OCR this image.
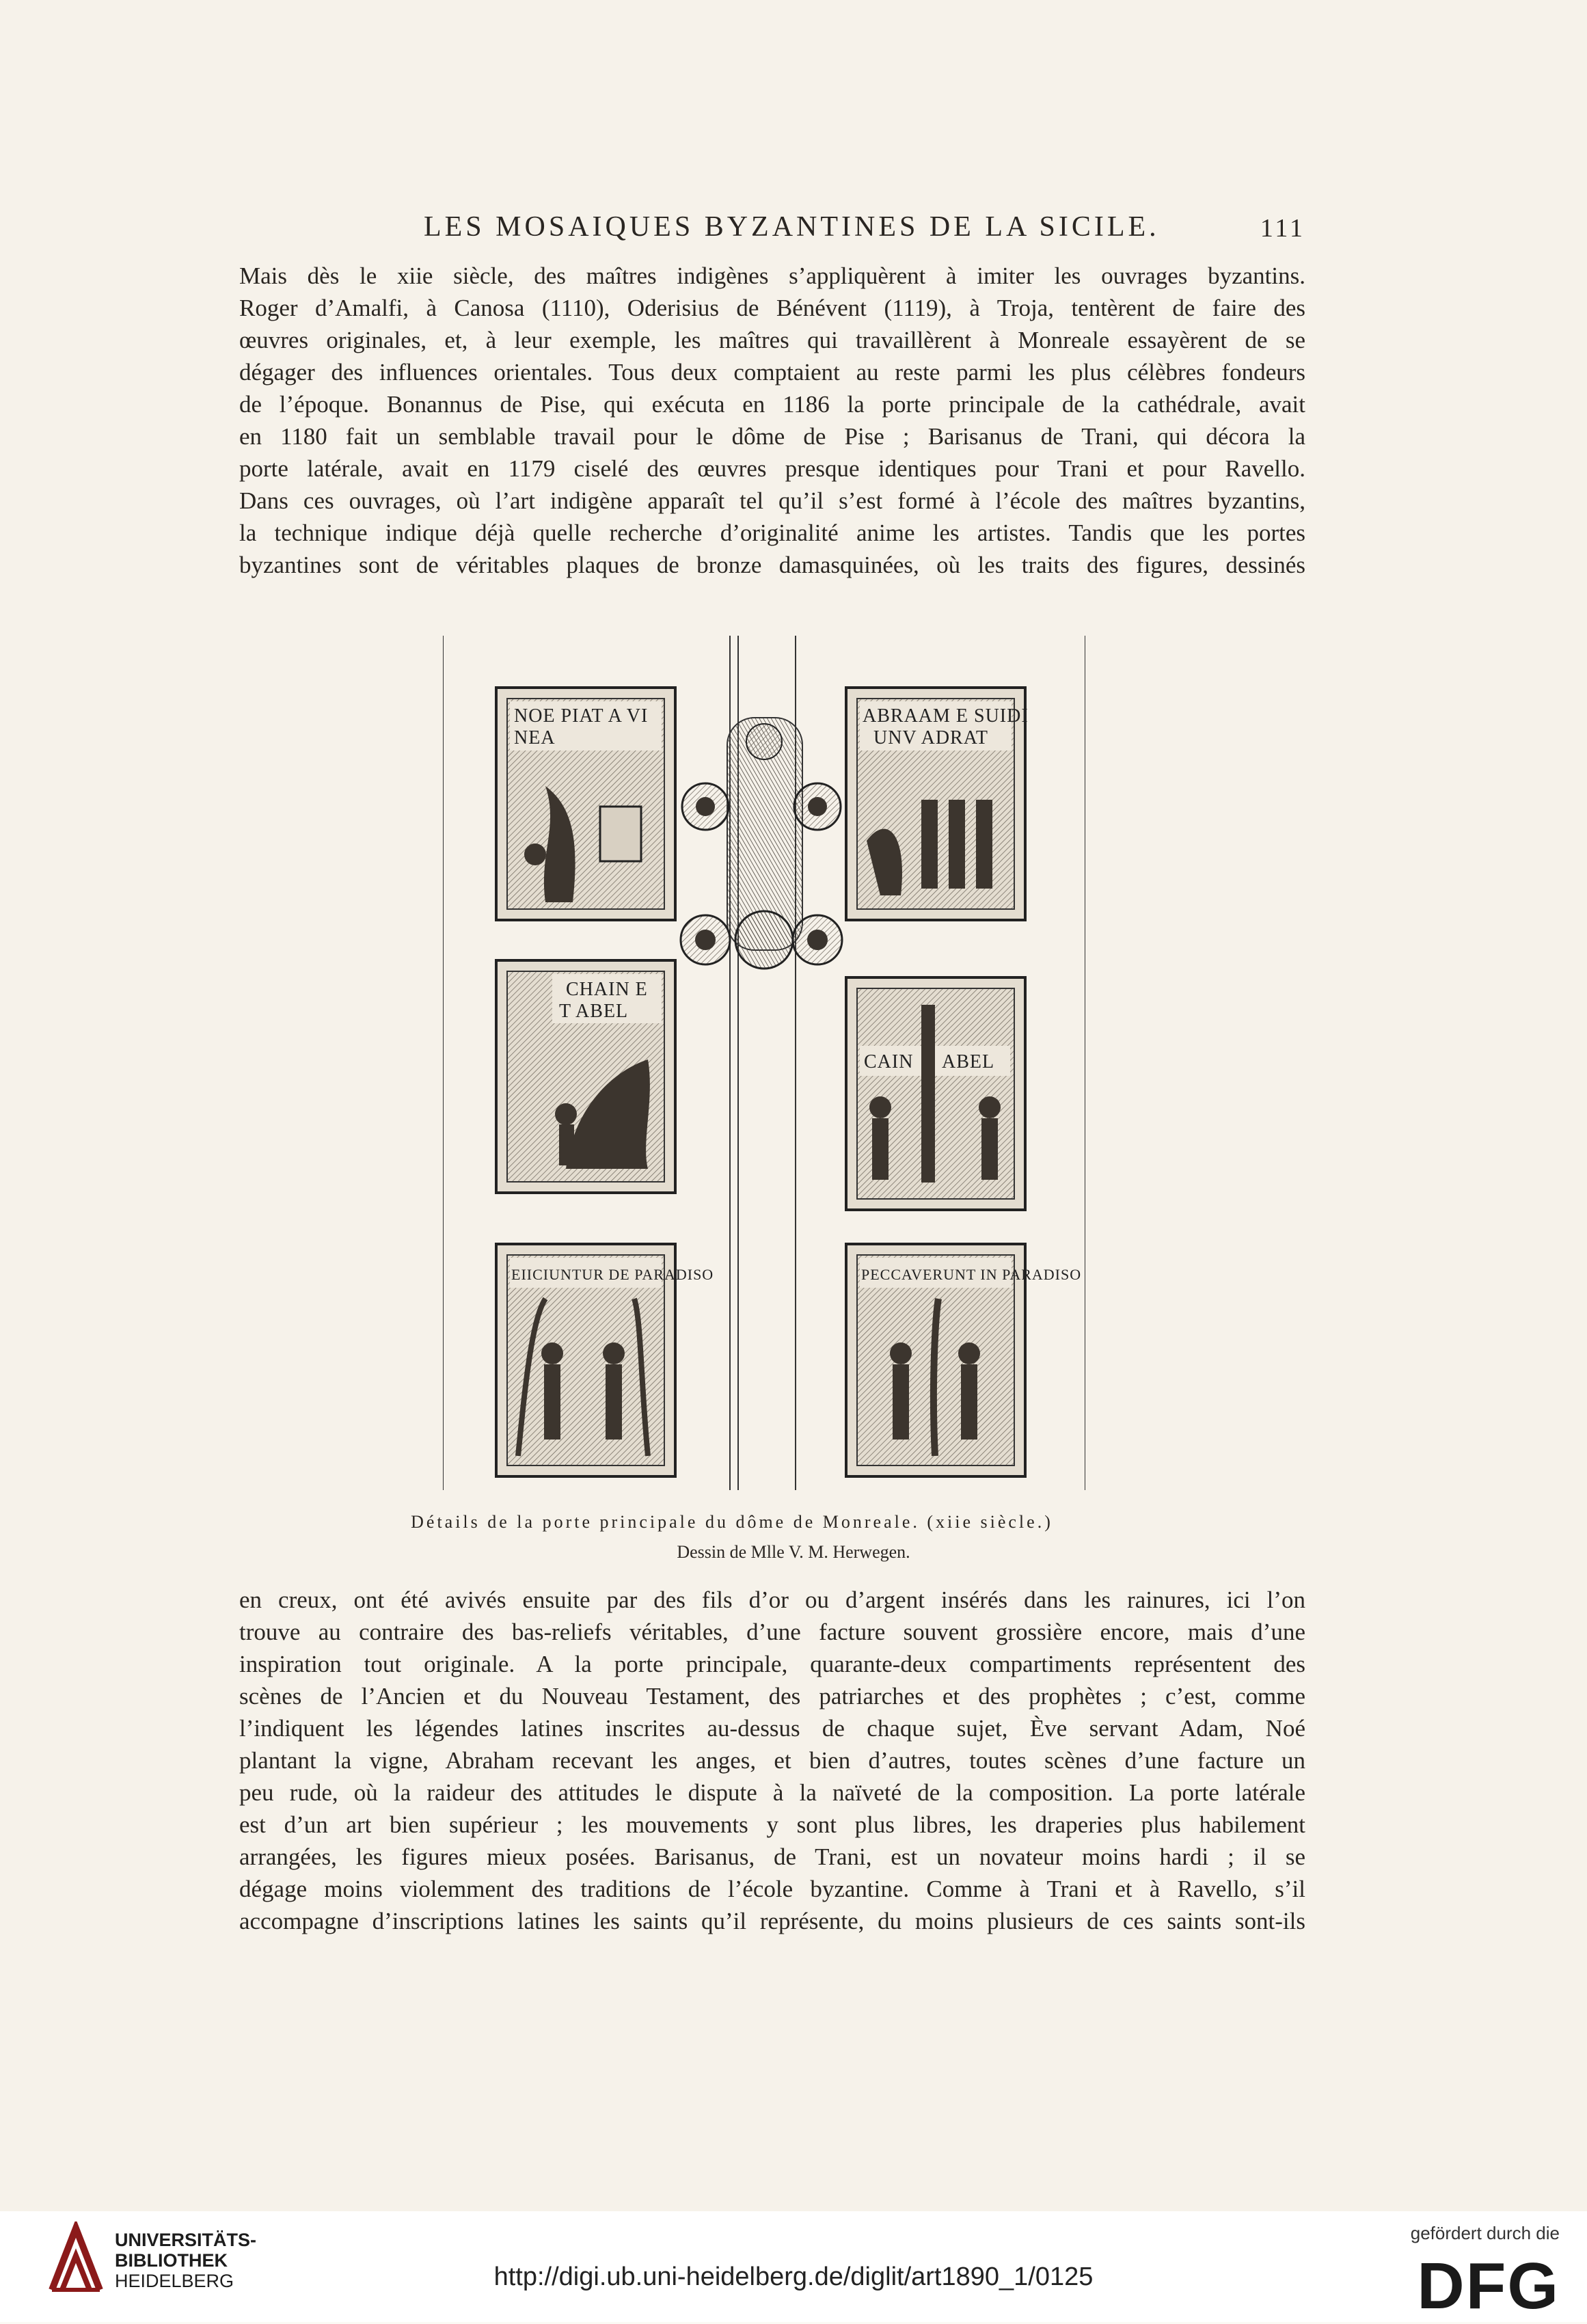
LES MOSAIQUES BYZANTINES DE LA SICILE.	111
Mais dès le xiie siècle, des maîtres indigènes s’appliquèrent à imiter les ouvrages byzantins.
Roger d’Amalfi, à Canosa (1110), Oderisius de Bénévent (1119), à Troja, tentèrent de faire des
œuvres originales, et, à leur exemple, les maîtres qui travaillèrent à Monreale essayèrent de se
dégager des influences orientales. Tous deux comptaient au reste parmi les plus célèbres fondeurs
de l’époque. Bonannus de Pise, qui exécuta en 1186 la porte principale de la cathédrale, avait
en 1180 fait un semblable travail pour le dôme de Pise ; Barisanus de Trani, qui décora la
porte latérale, avait en 1179 ciselé des œuvres presque identiques pour Trani et pour Ravello.
Dans ces ouvrages, où l’art indigène apparaît tel qu’il s’est formé à l’école des maîtres byzantins,
la technique indique déjà quelle recherche d’originalité anime les artistes. Tandis que les portes
byzantines sont de véritables plaques de bronze damasquinées, où les traits des figures, dessinés
NOE PIAT A VI
NEA
ABRAAM E SUIDI
UNV ADRAT
CHAIN E
T ABEL
CAIN ABEL
EIICIUNTUR DE PARADISO	PECCAVERUNT IN PARADISO
Détails de la porte principale du dôme de Monreale. (xiie siècle.)
Dessin de Mlle V. M. Herwegen.
en creux, ont été avivés ensuite par des fils d’or ou d’argent insérés dans les rainures, ici l’on
trouve au contraire des bas-reliefs véritables, d’une facture souvent grossière encore, mais d’une
inspiration tout originale. A la porte principale, quarante-deux compartiments représentent des
scènes de l’Ancien et du Nouveau Testament, des patriarches et des prophètes ; c’est, comme
l’indiquent les légendes latines inscrites au-dessus de chaque sujet, Ève servant Adam, Noé
plantant la vigne, Abraham recevant les anges, et bien d’autres, toutes scènes d’une facture un
peu rude, où la raideur des attitudes le dispute à la naïveté de la composition. La porte latérale
est d’un art bien supérieur ; les mouvements y sont plus libres, les draperies plus habilement
arrangées, les figures mieux posées. Barisanus, de Trani, est un novateur moins hardi ; il se
dégage moins violemment des traditions de l’école byzantine. Comme à Trani et à Ravello, s’il
accompagne d’inscriptions latines les saints qu’il représente, du moins plusieurs de ces saints sont-ils
UNIVERSITÄTS-
BIBLIOTHEK
HEIDELBERG	http://digi.ub.uni-heidelberg.de/diglit/art1890_1/0125
gefördert durch die
DFG
